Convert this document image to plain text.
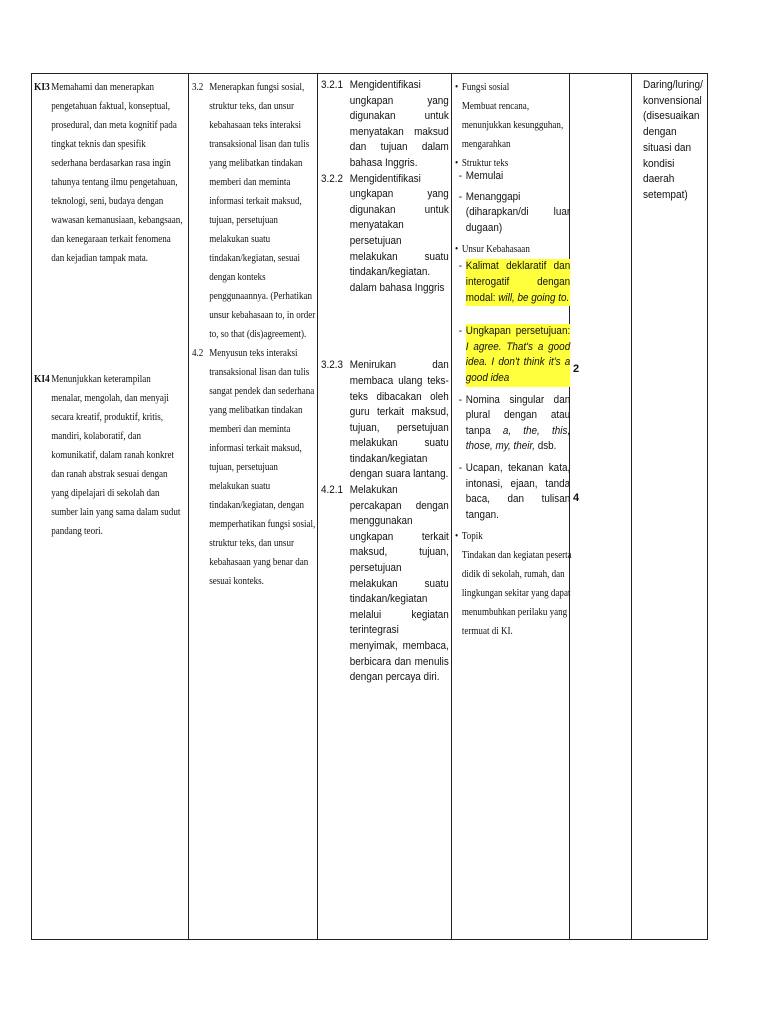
KI3 Memahami dan menerapkan pengetahuan faktual, konseptual, prosedural, dan meta kognitif pada tingkat teknis dan spesifik sederhana berdasarkan rasa ingin tahunya tentang ilmu pengetahuan, teknologi, seni, budaya dengan wawasan kemanusiaan, kebangsaan, dan kenegaraan terkait fenomena dan kejadian tampak mata.
KI4 Menunjukkan keterampilan menalar, mengolah, dan menyaji secara kreatif, produktif, kritis, mandiri, kolaboratif, dan komunikatif, dalam ranah konkret dan ranah abstrak sesuai dengan yang dipelajari di sekolah dan sumber lain yang sama dalam sudut pandang teori.
3.2 Menerapkan fungsi sosial, struktur teks, dan unsur kebahasaan teks interaksi transaksional lisan dan tulis yang melibatkan tindakan memberi dan meminta informasi terkait maksud, tujuan, persetujuan melakukan suatu tindakan/kegiatan, sesuai dengan konteks penggunaannya. (Perhatikan unsur kebahasaan to, in order to, so that (dis)agreement).
4.2 Menyusun teks interaksi transaksional lisan dan tulis sangat pendek dan sederhana yang melibatkan tindakan memberi dan meminta informasi terkait maksud, tujuan, persetujuan melakukan suatu tindakan/kegiatan, dengan memperhatikan fungsi sosial, struktur teks, dan unsur kebahasaan yang benar dan sesuai konteks.
3.2.1 Mengidentifikasi ungkapan yang digunakan untuk menyatakan maksud dan tujuan dalam bahasa Inggris.
3.2.2 Mengidentifikasi ungkapan yang digunakan untuk menyatakan persetujuan melakukan suatu tindakan/kegiatan. dalam bahasa Inggris
3.2.3 Menirukan dan membaca ulang teks-teks dibacakan oleh guru terkait maksud, tujuan, persetujuan melakukan suatu tindakan/kegiatan dengan suara lantang.
4.2.1 Melakukan percakapan dengan menggunakan ungkapan terkait maksud, tujuan, persetujuan melakukan suatu tindakan/kegiatan melalui kegiatan terintegrasi menyimak, membaca, berbicara dan menulis dengan percaya diri.
• Fungsi sosial
Membuat rencana, menunjukkan kesungguhan, mengarahkan
• Struktur teks
- Memulai
- Menanggapi (diharapkan/di luar dugaan)
• Unsur Kebahasaan
- Kalimat deklaratif dan interogatif dengan modal: will, be going to.
- Ungkapan persetujuan: I agree. That's a good idea. I don't think it's a good idea
- Nomina singular dan plural dengan atau tanpa a, the, this, those, my, their, dsb.
- Ucapan, tekanan kata, intonasi, ejaan, tanda baca, dan tulisan tangan.
• Topik
Tindakan dan kegiatan peserta didik di sekolah, rumah, dan lingkungan sekitar yang dapat menumbuhkan perilaku yang termuat di KI.
2
4
Daring/luring/ konvensional (disesuaikan dengan situasi dan kondisi daerah setempat)
